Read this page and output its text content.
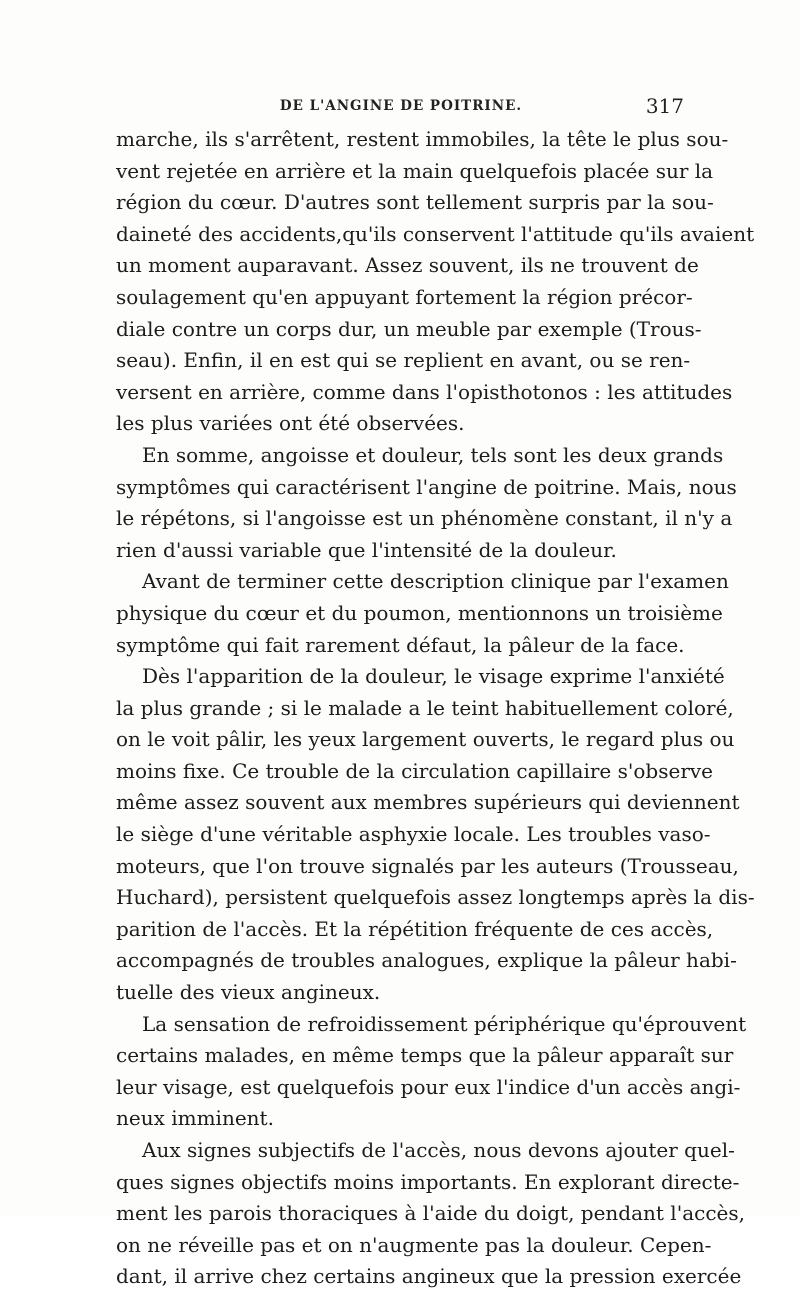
DE L'ANGINE DE POITRINE.	317
marche, ils s'arrêtent, restent immobiles, la tête le plus sou-
vent rejetée en arrière et la main quelquefois placée sur la
région du cœur. D'autres sont tellement surpris par la sou-
daineté des accidents,qu'ils conservent l'attitude qu'ils avaient
un moment auparavant. Assez souvent, ils ne trouvent de
soulagement qu'en appuyant fortement la région précor-
diale contre un corps dur, un meuble par exemple (Trous-
seau). Enfin, il en est qui se replient en avant, ou se ren-
versent en arrière, comme dans l'opisthotonos : les attitudes
les plus variées ont été observées.
En somme, angoisse et douleur, tels sont les deux grands
symptômes qui caractérisent l'angine de poitrine. Mais, nous
le répétons, si l'angoisse est un phénomène constant, il n'y a
rien d'aussi variable que l'intensité de la douleur.
Avant de terminer cette description clinique par l'examen
physique du cœur et du poumon, mentionnons un troisième
symptôme qui fait rarement défaut, la pâleur de la face.
Dès l'apparition de la douleur, le visage exprime l'anxiété
la plus grande ; si le malade a le teint habituellement coloré,
on le voit pâlir, les yeux largement ouverts, le regard plus ou
moins fixe. Ce trouble de la circulation capillaire s'observe
même assez souvent aux membres supérieurs qui deviennent
le siège d'une véritable asphyxie locale. Les troubles vaso-
moteurs, que l'on trouve signalés par les auteurs (Trousseau,
Huchard), persistent quelquefois assez longtemps après la dis-
parition de l'accès. Et la répétition fréquente de ces accès,
accompagnés de troubles analogues, explique la pâleur habi-
tuelle des vieux angineux.
La sensation de refroidissement périphérique qu'éprouvent
certains malades, en même temps que la pâleur apparaît sur
leur visage, est quelquefois pour eux l'indice d'un accès angi-
neux imminent.
Aux signes subjectifs de l'accès, nous devons ajouter quel-
ques signes objectifs moins importants. En explorant directe-
ment les parois thoraciques à l'aide du doigt, pendant l'accès,
on ne réveille pas et on n'augmente pas la douleur. Cepen-
dant, il arrive chez certains angineux que la pression exercée
